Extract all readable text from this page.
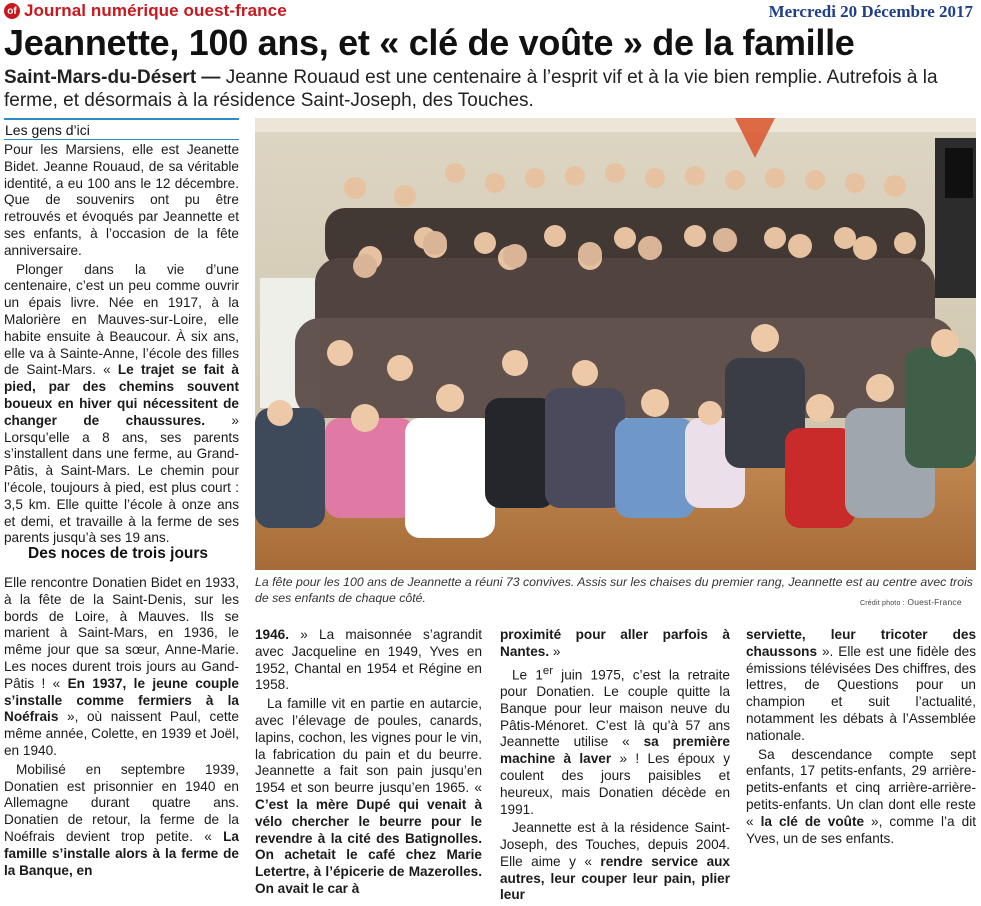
of Journal numérique ouest-france	Mercredi 20 Décembre 2017
Jeannette, 100 ans, et « clé de voûte » de la famille
Saint-Mars-du-Désert — Jeanne Rouaud est une centenaire à l’esprit vif et à la vie bien remplie. Autrefois à la ferme, et désormais à la résidence Saint-Joseph, des Touches.
Les gens d’ici

Pour les Marsiens, elle est Jeanette Bidet. Jeanne Rouaud, de sa véritable identité, a eu 100 ans le 12 décembre. Que de souvenirs ont pu être retrouvés et évoqués par Jeannette et ses enfants, à l’occasion de la fête anniversaire.

Plonger dans la vie d’une centenaire, c’est un peu comme ouvrir un épais livre. Née en 1917, à la Malorière en Mauves-sur-Loire, elle habite ensuite à Beaucour. À six ans, elle va à Sainte-Anne, l’école des filles de Saint-Mars. « Le trajet se fait à pied, par des chemins souvent boueux en hiver qui nécessitent de changer de chaussures. » Lorsqu’elle a 8 ans, ses parents s’installent dans une ferme, au Grand-Pâtis, à Saint-Mars. Le chemin pour l’école, toujours à pied, est plus court : 3,5 km. Elle quitte l’école à onze ans et demi, et travaille à la ferme de ses parents jusqu’à ses 19 ans.

Des noces de trois jours

Elle rencontre Donatien Bidet en 1933, à la fête de la Saint-Denis, sur les bords de Loire, à Mauves. Ils se marient à Saint-Mars, en 1936, le même jour que sa sœur, Anne-Marie. Les noces durent trois jours au Gand-Pâtis ! « En 1937, le jeune couple s’installe comme fermiers à la Noéfrais », où naissent Paul, cette même année, Colette, en 1939 et Joël, en 1940.

Mobilisé en septembre 1939, Donatien est prisonnier en 1940 en Allemagne durant quatre ans. Donatien de retour, la ferme de la Noéfrais devient trop petite. « La famille s’installe alors à la ferme de la Banque, en

La fête pour les 100 ans de Jeannette a réuni 73 convives. Assis sur les chaises du premier rang, Jeannette est au centre avec trois de ses enfants de chaque côté.	Crédit photo : Ouest-France

1946. » La maisonnée s’agrandit avec Jacqueline en 1949, Yves en 1952, Chantal en 1954 et Régine en 1958.

La famille vit en partie en autarcie, avec l’élevage de poules, canards, lapins, cochon, les vignes pour le vin, la fabrication du pain et du beurre. Jeannette a fait son pain jusqu’en 1954 et son beurre jusqu’en 1965. « C’est la mère Dupé qui venait à vélo chercher le beurre pour le revendre à la cité des Batignolles. On achetait le café chez Marie Letertre, à l’épicerie de Mazerolles. On avait le car à

proximité pour aller parfois à Nantes. »

Le 1er juin 1975, c’est la retraite pour Donatien. Le couple quitte la Banque pour leur maison neuve du Pâtis-Ménoret. C’est là qu’à 57 ans Jeannette utilise « sa première machine à laver » ! Les époux y coulent des jours paisibles et heureux, mais Donatien décède en 1991.

Jeannette est à la résidence Saint-Joseph, des Touches, depuis 2004. Elle aime y « rendre service aux autres, leur couper leur pain, plier leur

serviette, leur tricoter des chaussons ». Elle est une fidèle des émissions télévisées Des chiffres, des lettres, de Questions pour un champion et suit l’actualité, notamment les débats à l’Assemblée nationale.

Sa descendance compte sept enfants, 17 petits-enfants, 29 arrière-petits-enfants et cinq arrière-arrière-petits-enfants. Un clan dont elle reste « la clé de voûte », comme l’a dit Yves, un de ses enfants.
